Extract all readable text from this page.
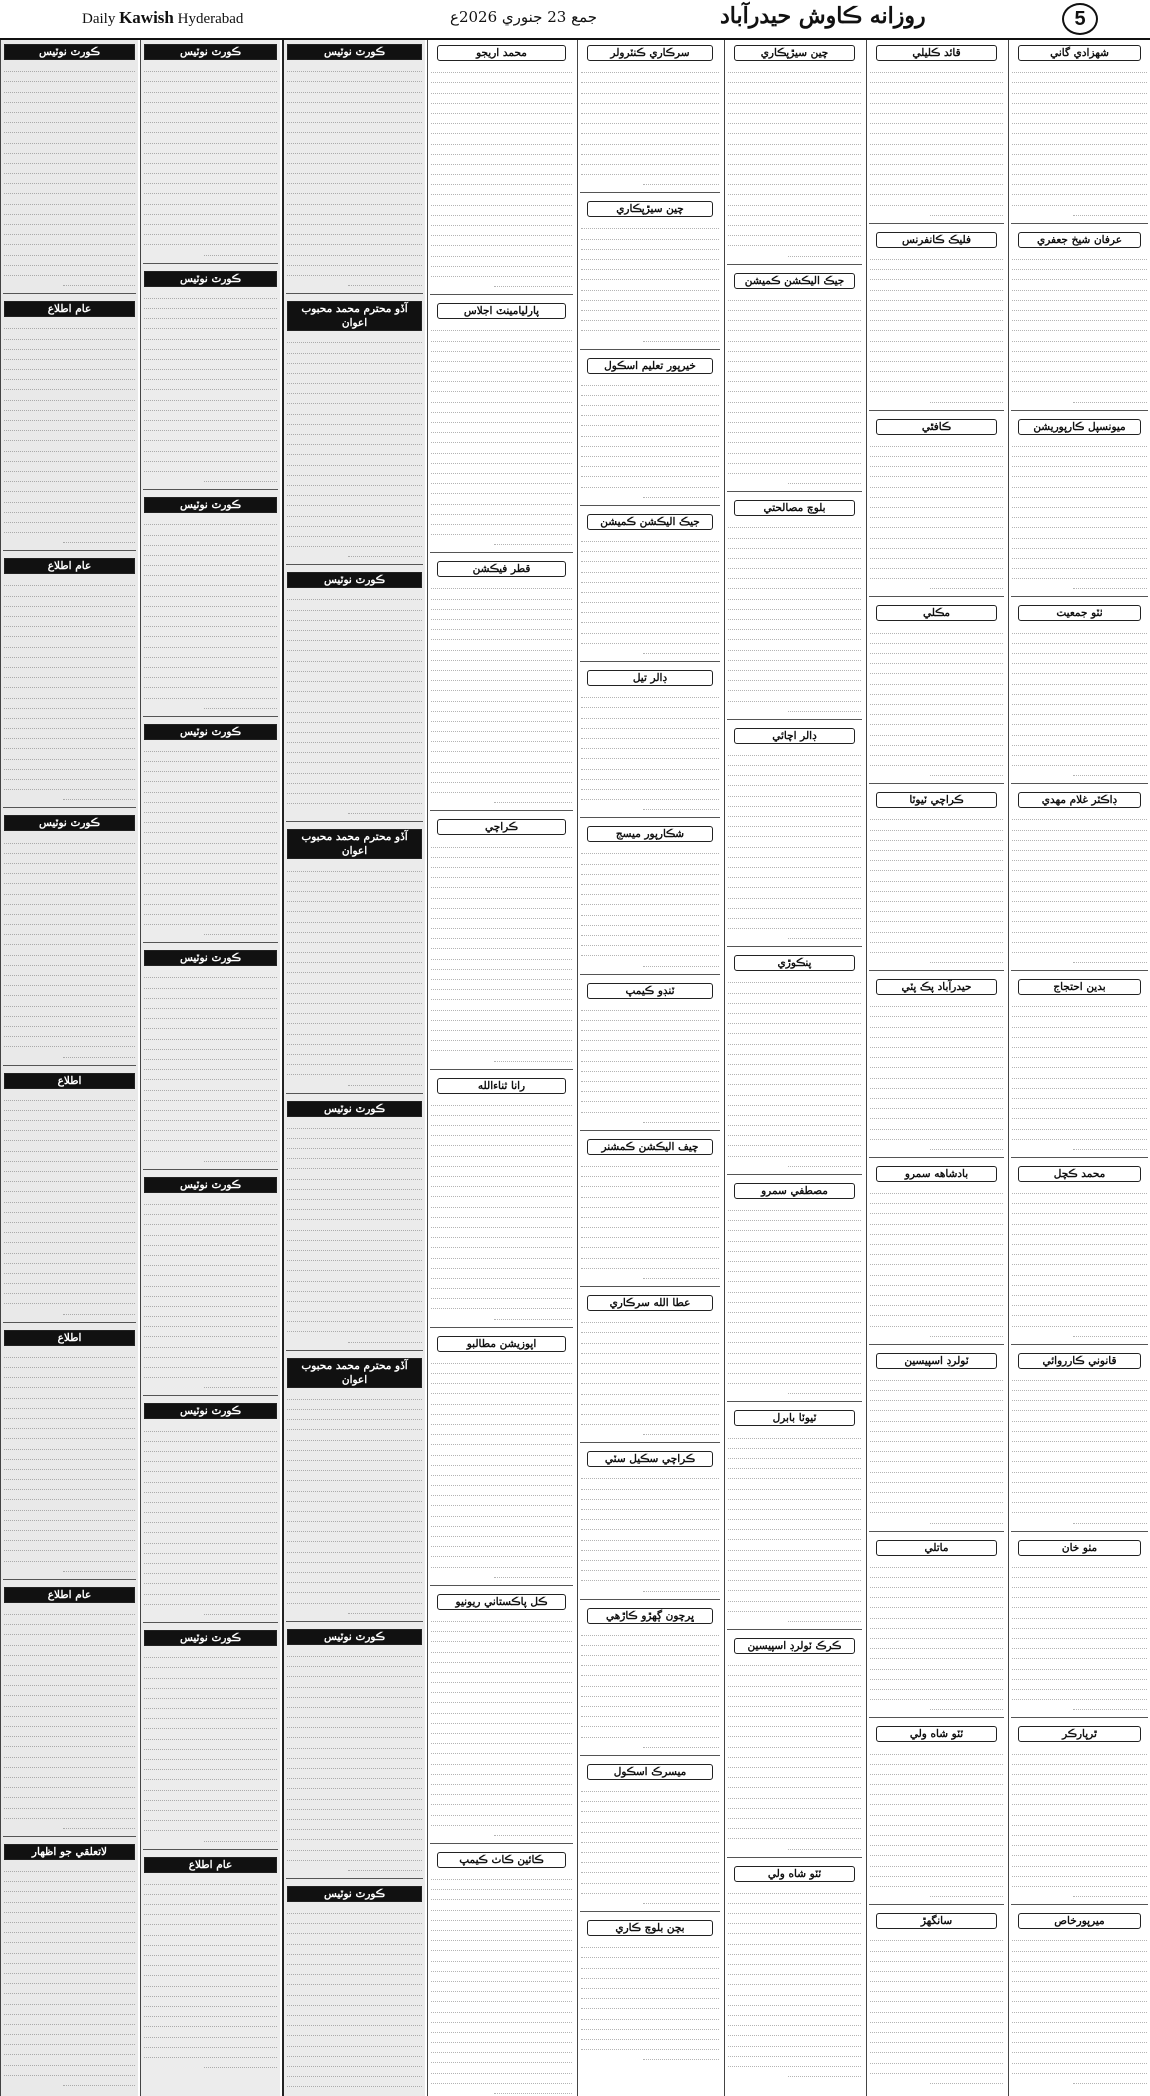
Daily Kawish Hyderabad	جمع 23 جنوري 2026ع	روزانه ڪاوش حيدرآباد	5
شهزادي گاني
عرفان شيخ جعفري
ميونسپل ڪارپوريشن
ٺٽو جمعيت
ڊاڪٽر غلام مهدي
بدين احتجاج
محمد ڪچل
قانوني ڪارروائي
مٺو خان
ٿرپارڪر
ميرپورخاص
قائد ڪليلي
فليڪ ڪانفرنس
ڪافٿي
مڪلي
ڪراچي ٽيوٽا
حيدرآباد پڪ پٽي
بادشاهه سمرو
ٽولرڊ اسپيسين
ماتلي
ٽٽو شاه ولي
سانگهڙ
چين سيڙپڪاري
جيڪ اليڪشن ڪميشن
بلوچ مصالحتي
ڊالر اچائي
پنڪوڙي
مصطفي سمرو
ٽيوٽا بابرل
ڪرڪ ٽولرڊ اسپيسين
ٽٽو شاه ولي
سرڪاري ڪنٽرولر
چين سيڙپڪاري
خيرپور تعليم اسڪول
جيڪ اليڪشن ڪميشن
ڊالر تيل
شڪارپور ميسج
ٽنڊو ڪيمپ
چيف اليڪشن ڪمشنر
عطا الله سرڪاري
ڪراچي سڪيل سٽي
ڀرچون ڳهڙو ڪاڙهي
ميسرڪ اسڪول
بچن بلوچ ڪاري
محمد اريجو
پارليامينٽ اجلاس
قطر فيڪشن
ڪراچي
رانا ثناءالله
اپوزيشن مطالبو
ڪل پاڪستاني ريونيو
ڪائين ڪاٺ ڪيمپ
ڪورٽ نوٽيس
آڏو محترم محمد محبوب اعوان
ڪورٽ نوٽيس
آڏو محترم محمد محبوب اعوان
ڪورٽ نوٽيس
آڏو محترم محمد محبوب اعوان
ڪورٽ نوٽيس
ڪورٽ نوٽيس
ڪورٽ نوٽيس
ڪورٽ نوٽيس
ڪورٽ نوٽيس
ڪورٽ نوٽيس
ڪورٽ نوٽيس
ڪورٽ نوٽيس
ڪورٽ نوٽيس
ڪورٽ نوٽيس
عام اطلاع
ڪورٽ نوٽيس
عام اطلاع
عام اطلاع
ڪورٽ نوٽيس
اطلاع
اطلاع
عام اطلاع
لاتعلقي جو اظهار
